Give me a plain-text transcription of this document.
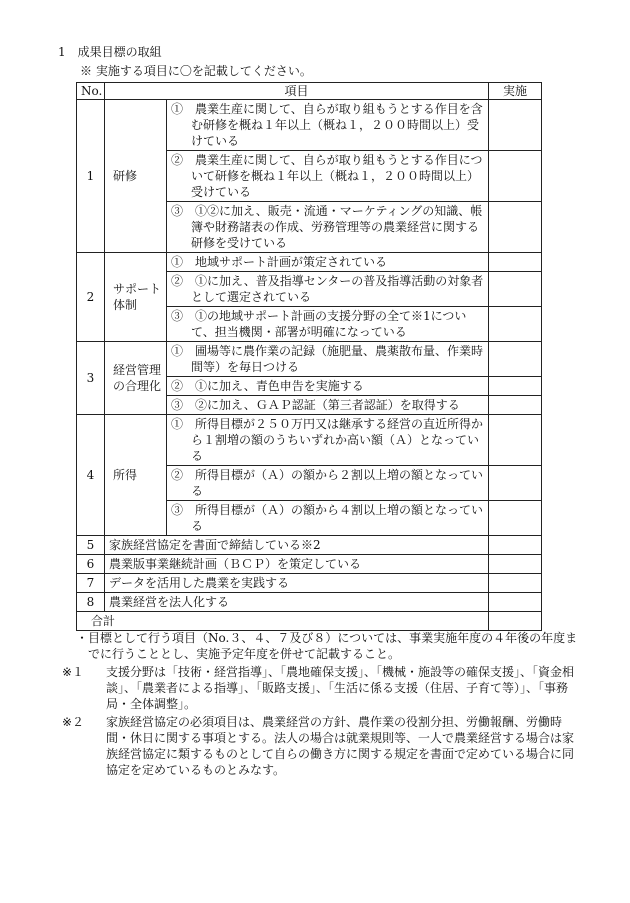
1　成果目標の取組
※ 実施する項目に〇を記載してください。
No.	項目		実施
1	研修	①　農業生産に関して、自らが取り組もうとする作目を含む研修を概ね１年以上（概ね１，２００時間以上）受けている	

		②　農業生産に関して、自らが取り組もうとする作目について研修を概ね１年以上（概ね１，２００時間以上）受けている	

		③　①②に加え、販売・流通・マーケティングの知識、帳簿や財務諸表の作成、労務管理等の農業経営に関する研修を受けている	

2	サポート体制	①　地域サポート計画が策定されている	

		②　①に加え、普及指導センターの普及指導活動の対象者として選定されている	

		③　①の地域サポート計画の支援分野の全て※1について、担当機関・部署が明確になっている	

3	経営管理の合理化	①　圃場等に農作業の記録（施肥量、農薬散布量、作業時間等）を毎日つける	

		②　①に加え、青色申告を実施する	

		③　②に加え、ＧＡＰ認証（第三者認証）を取得する	

4	所得	①　所得目標が２５０万円又は継承する経営の直近所得から１割増の額のうちいずれか高い額（Ａ）となっている	

		②　所得目標が（Ａ）の額から２割以上増の額となっている	

		③　所得目標が（Ａ）の額から４割以上増の額となっている	

5	家族経営協定を書面で締結している※2		
6	農業版事業継続計画（ＢＣＰ）を策定している		
7	データを活用した農業を実践する		
8	農業経営を法人化する		
合計			
・ 目標として行う項目（No.３、４、７及び８）については、事業実施年度の４年後の年度までに行うこととし、実施予定年度を併せて記載すること。
※１ 支援分野は「技術・経営指導」、「農地確保支援」、「機械・施設等の確保支援」、「資金相談」、「農業者による指導」、「販路支援」、「生活に係る支援（住居、子育て等）」、「事務局・全体調整」。
※２ 家族経営協定の必須項目は、農業経営の方針、農作業の役割分担、労働報酬、労働時間・休日に関する事項とする。法人の場合は就業規則等、一人で農業経営する場合は家族経営協定に類するものとして自らの働き方に関する規定を書面で定めている場合に同協定を定めているものとみなす。
